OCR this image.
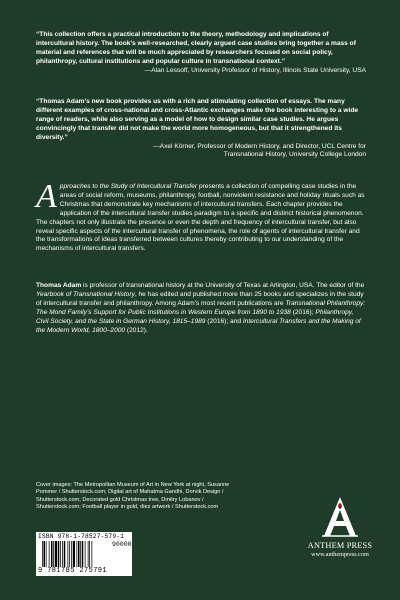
“This collection offers a practical introduction to the theory, methodology and implications of intercultural history. The book’s well-researched, clearly argued case studies bring together a mass of material and references that will be much appreciated by researchers focused on social policy, philanthropy, cultural institutions and popular culture in transnational context.”

—Alan Lessoff, University Professor of History, Illinois State University, USA

“Thomas Adam’s new book provides us with a rich and stimulating collection of essays. The many different examples of cross-national and cross-Atlantic exchanges make the book interesting to a wide range of readers, while also serving as a model of how to design similar case studies. He argues convincingly that transfer did not make the world more homogeneous, but that it strengthened its diversity.”

—Axel Körner, Professor of Modern History, and Director, UCL Centre for
Transnational History, University College London

Approaches to the Study of Intercultural Transfer presents a collection of compelling case studies in the areas of social reform, museums, philanthropy, football, nonviolent resistance and holiday rituals such as Christmas that demonstrate key mechanisms of intercultural transfers. Each chapter provides the application of the intercultural transfer studies paradigm to a specific and distinct historical phenomenon. The chapters not only illustrate the presence or even the depth and frequency of intercultural transfer, but also reveal specific aspects of the intercultural transfer of phenomena, the role of agents of intercultural transfer and the transformations of ideas transferred between cultures thereby contributing to our understanding of the mechanisms of intercultural transfers.

Thomas Adam is professor of transnational history at the University of Texas at Arlington, USA. The editor of the Yearbook of Transnational History, he has edited and published more than 25 books and specializes in the study of intercultural transfer and philanthropy. Among Adam’s most recent publications are Transnational Philanthropy: The Mond Family’s Support for Public Institutions in Western Europe from 1890 to 1938 (2016); Philanthropy, Civil Society, and the State in German History, 1815–1989 (2016); and Intercultural Transfers and the Making of the Modern World, 1800–2000 (2012).

Cover images: The Metropolitan Museum of Art in New York at night, Susanne Pommer / Shutterstock.com; Digital art of Mahatma Gandhi, Dorvik Design / Shutterstock.com; Decorated gold Christmas tree, Dmitry Lobanov / Shutterstock.com; Football player in gold, diez artwork / Shutterstock.com

ISBN 978-1-78527-579-1
90000
9 781785 275791
ANTHEM PRESS
www.anthempress.com
